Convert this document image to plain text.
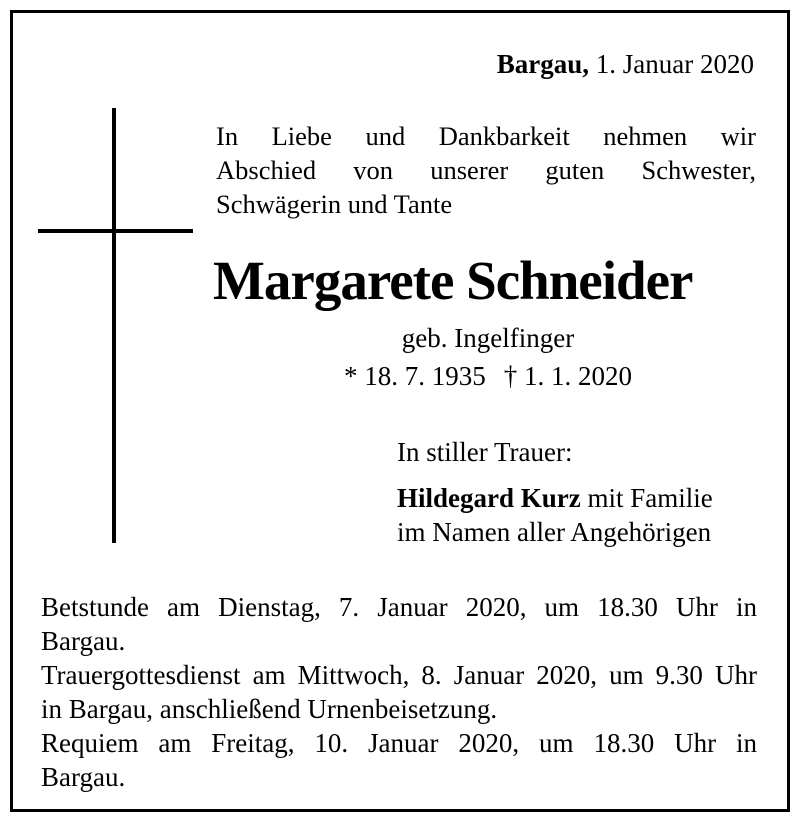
Bargau, 1. Januar 2020
In Liebe und Dankbarkeit nehmen wir
Abschied von unserer guten Schwester,
Schwägerin und Tante
Margarete Schneider
geb. Ingelfinger
* 18. 7. 1935 † 1. 1. 2020
In stiller Trauer:
Hildegard Kurz mit Familie
im Namen aller Angehörigen
Betstunde am Dienstag, 7. Januar 2020, um 18.30 Uhr in
Bargau.
Trauergottesdienst am Mittwoch, 8. Januar 2020, um 9.30 Uhr
in Bargau, anschließend Urnenbeisetzung.
Requiem am Freitag, 10. Januar 2020, um 18.30 Uhr in
Bargau.
